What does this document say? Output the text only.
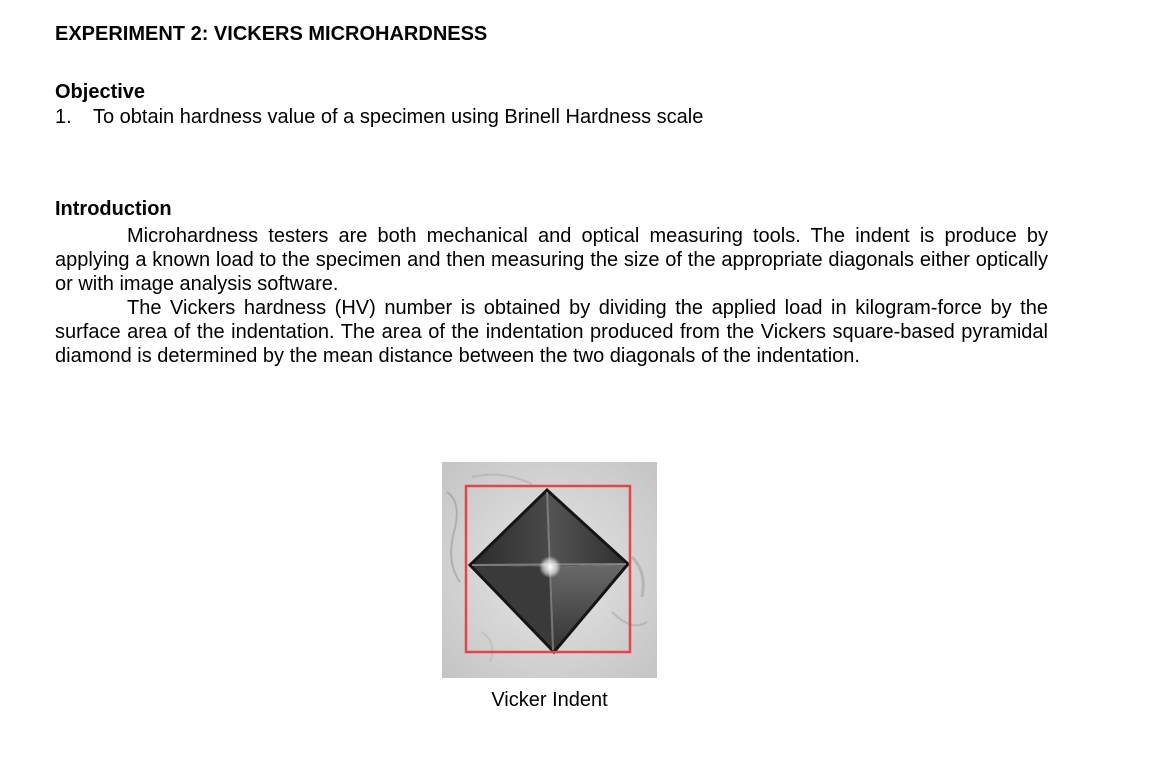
EXPERIMENT 2: VICKERS MICROHARDNESS
Objective
1.	To obtain hardness value of a specimen using Brinell Hardness scale
Introduction

Microhardness testers are both mechanical and optical measuring tools. The indent is produce by applying a known load to the specimen and then measuring the size of the appropriate diagonals either optically or with image analysis software.

The Vickers hardness (HV) number is obtained by dividing the applied load in kilogram-force by the surface area of the indentation. The area of the indentation produced from the Vickers square-based pyramidal diamond is determined by the mean distance between the two diagonals of the indentation.

Vicker Indent
